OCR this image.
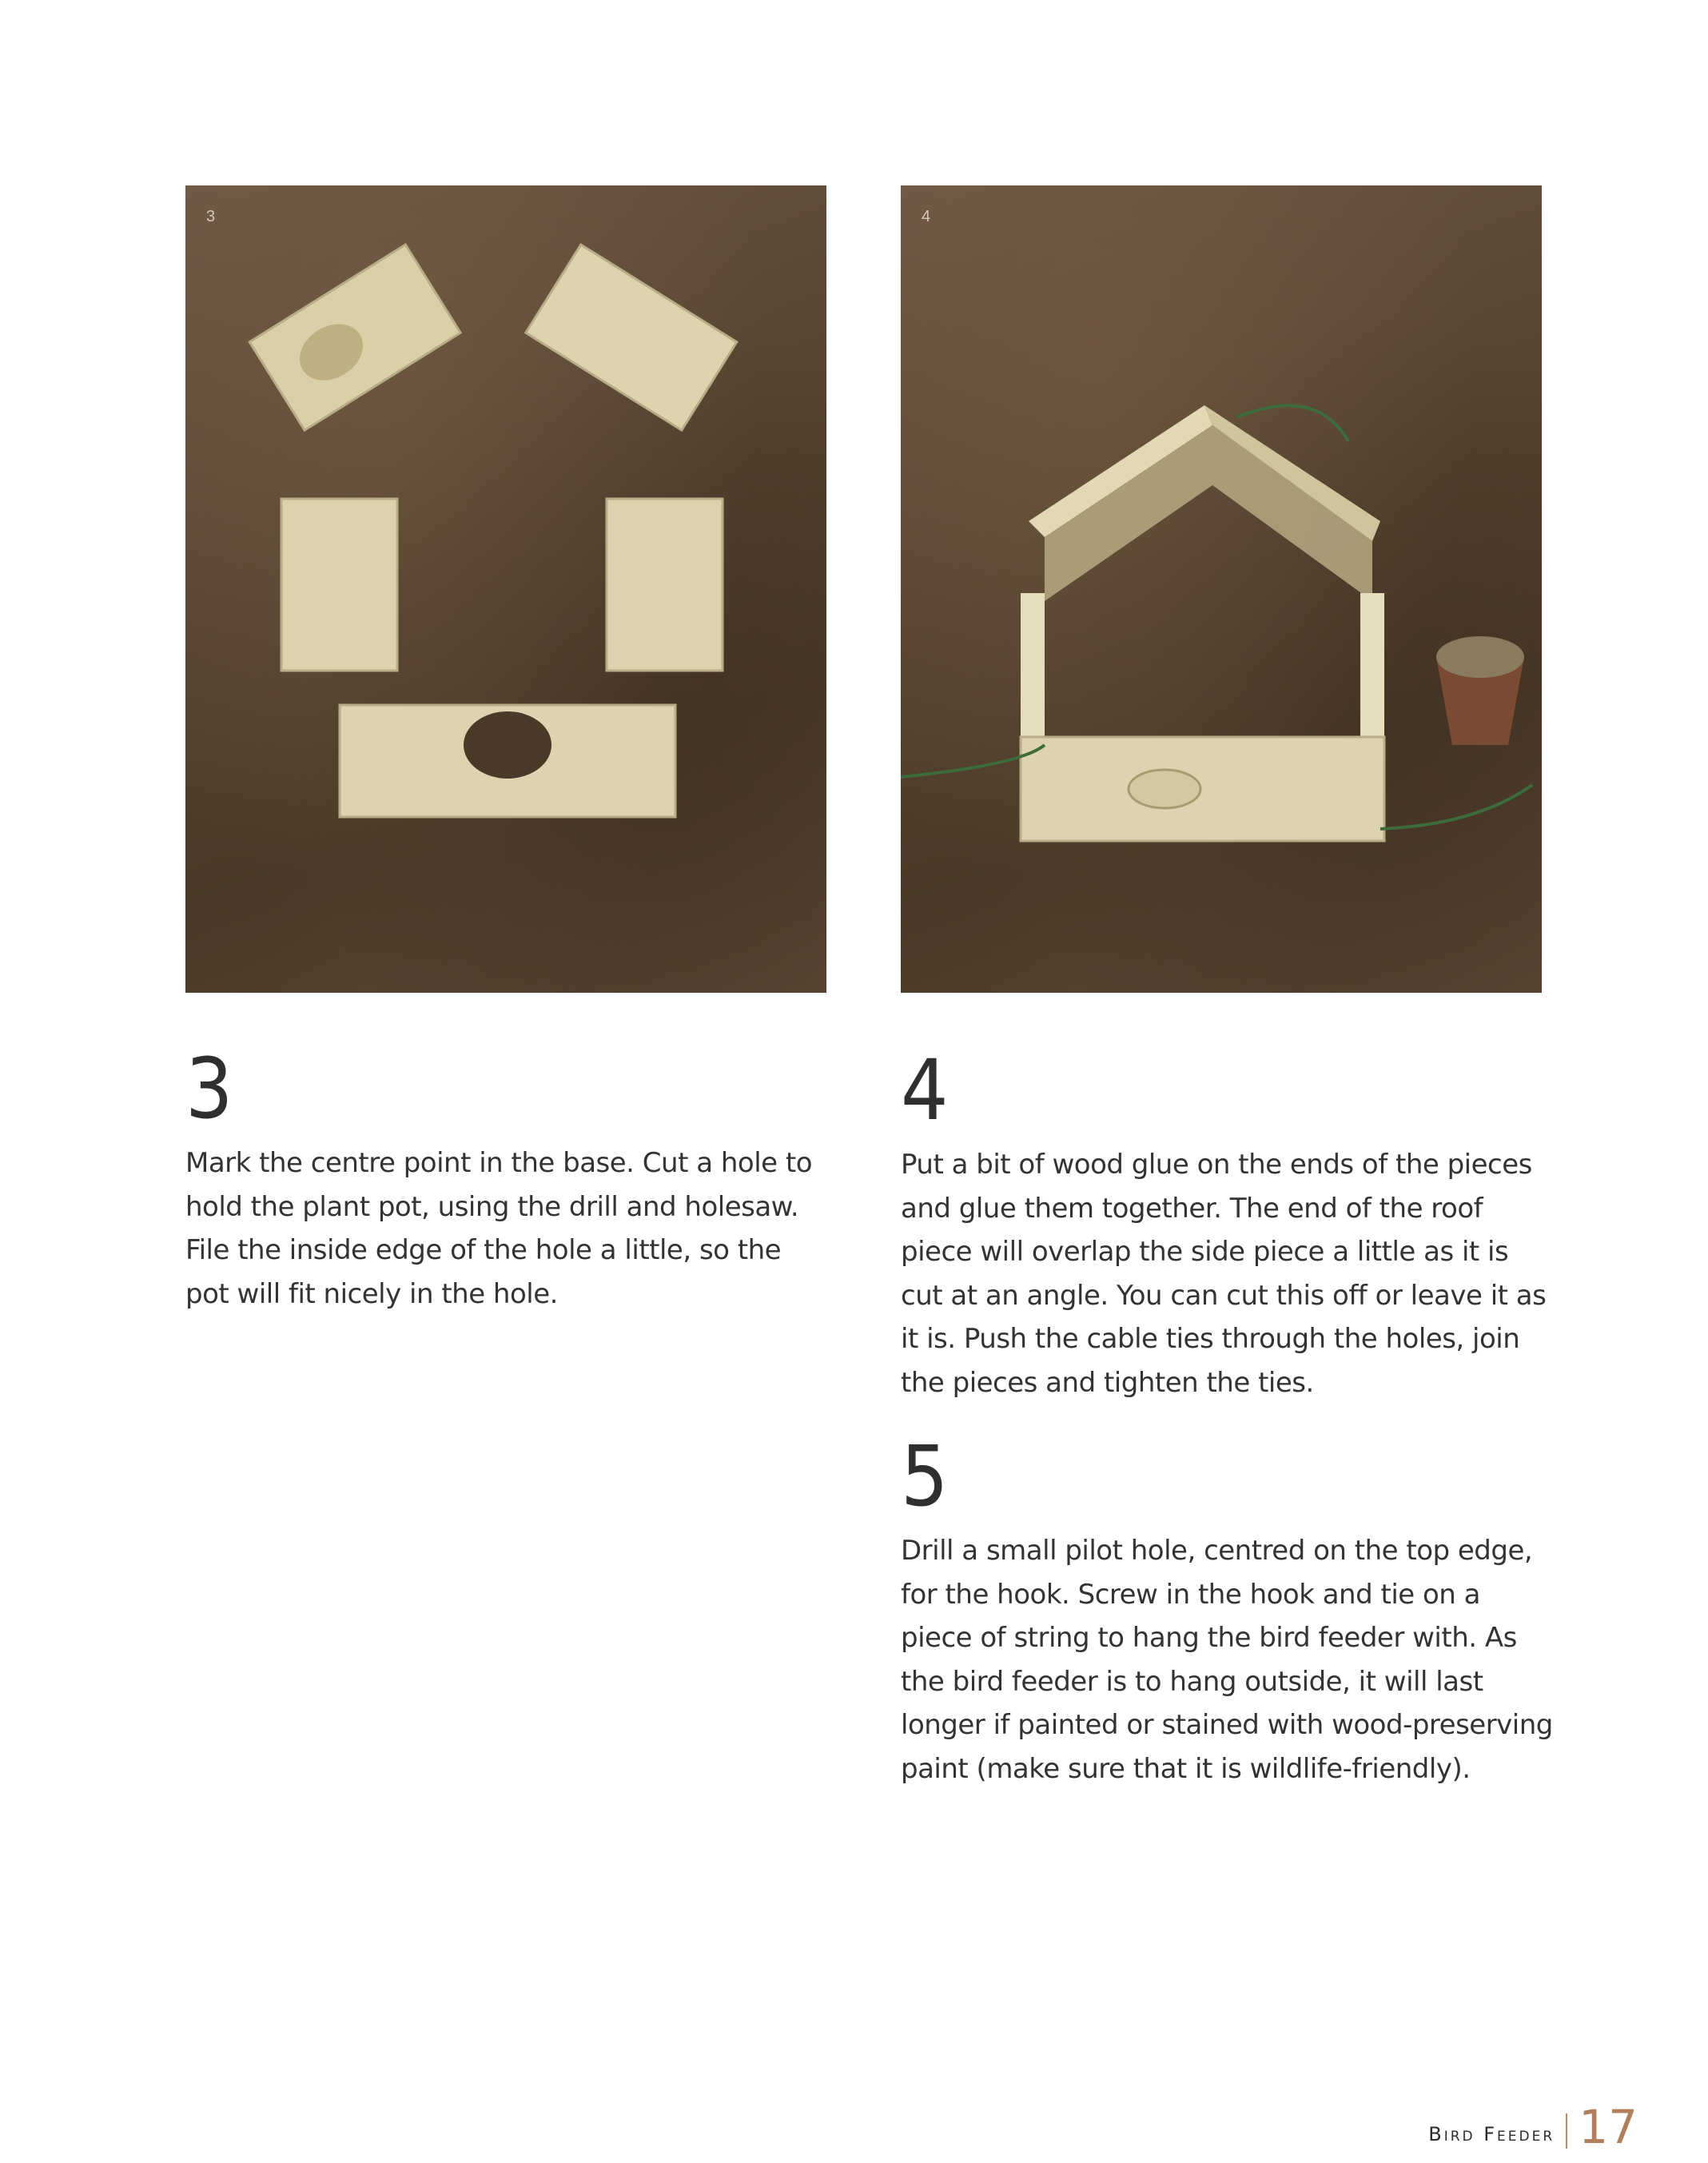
3	4
3
Mark the centre point in the base. Cut a hole to hold the plant pot, using the drill and holesaw. File the inside edge of the hole a little, so the pot will fit nicely in the hole.
4
Put a bit of wood glue on the ends of the pieces and glue them together. The end of the roof piece will overlap the side piece a little as it is cut at an angle. You can cut this off or leave it as it is. Push the cable ties through the holes, join the pieces and tighten the ties.
5
Drill a small pilot hole, centred on the top edge, for the hook. Screw in the hook and tie on a piece of string to hang the bird feeder with. As the bird feeder is to hang outside, it will last longer if painted or stained with wood-preserving paint (make sure that it is wildlife-friendly).
Bird Feeder 17
